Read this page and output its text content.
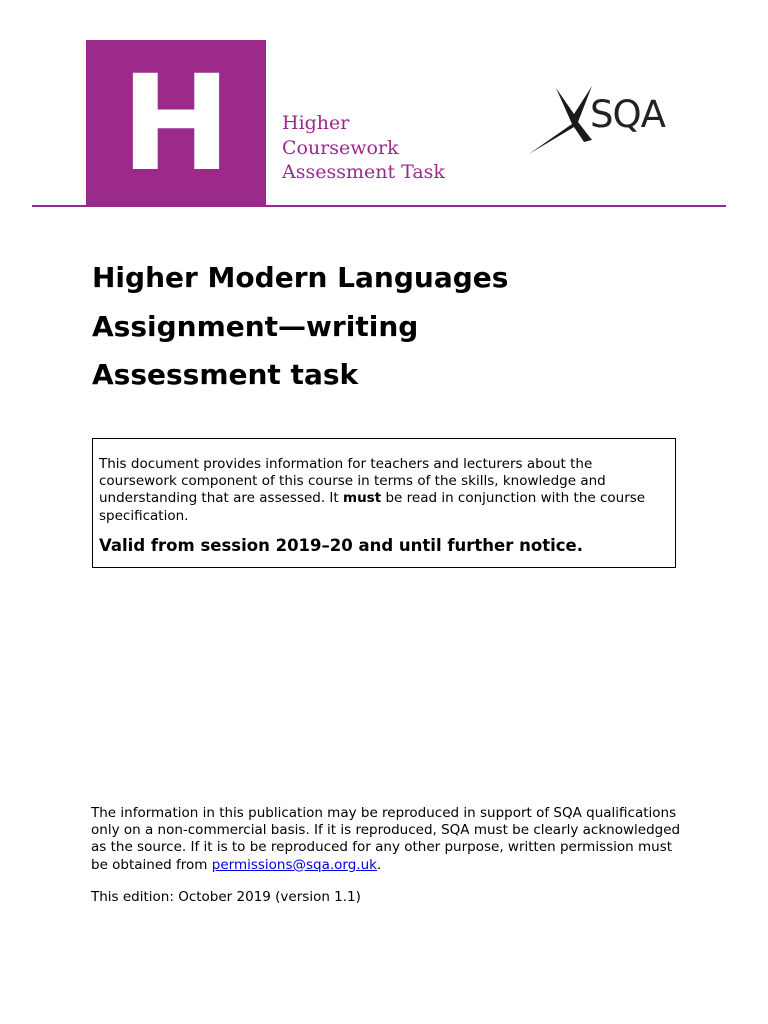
H	Higher
Coursework
Assessment Task
SQA
Higher Modern Languages
Assignment—writing
Assessment task
This document provides information for teachers and lecturers about the coursework component of this course in terms of the skills, knowledge and understanding that are assessed. It must be read in conjunction with the course specification.
Valid from session 2019–20 and until further notice.
The information in this publication may be reproduced in support of SQA qualifications only on a non-commercial basis. If it is reproduced, SQA must be clearly acknowledged as the source. If it is to be reproduced for any other purpose, written permission must be obtained from permissions@sqa.org.uk.
This edition: October 2019 (version 1.1)
